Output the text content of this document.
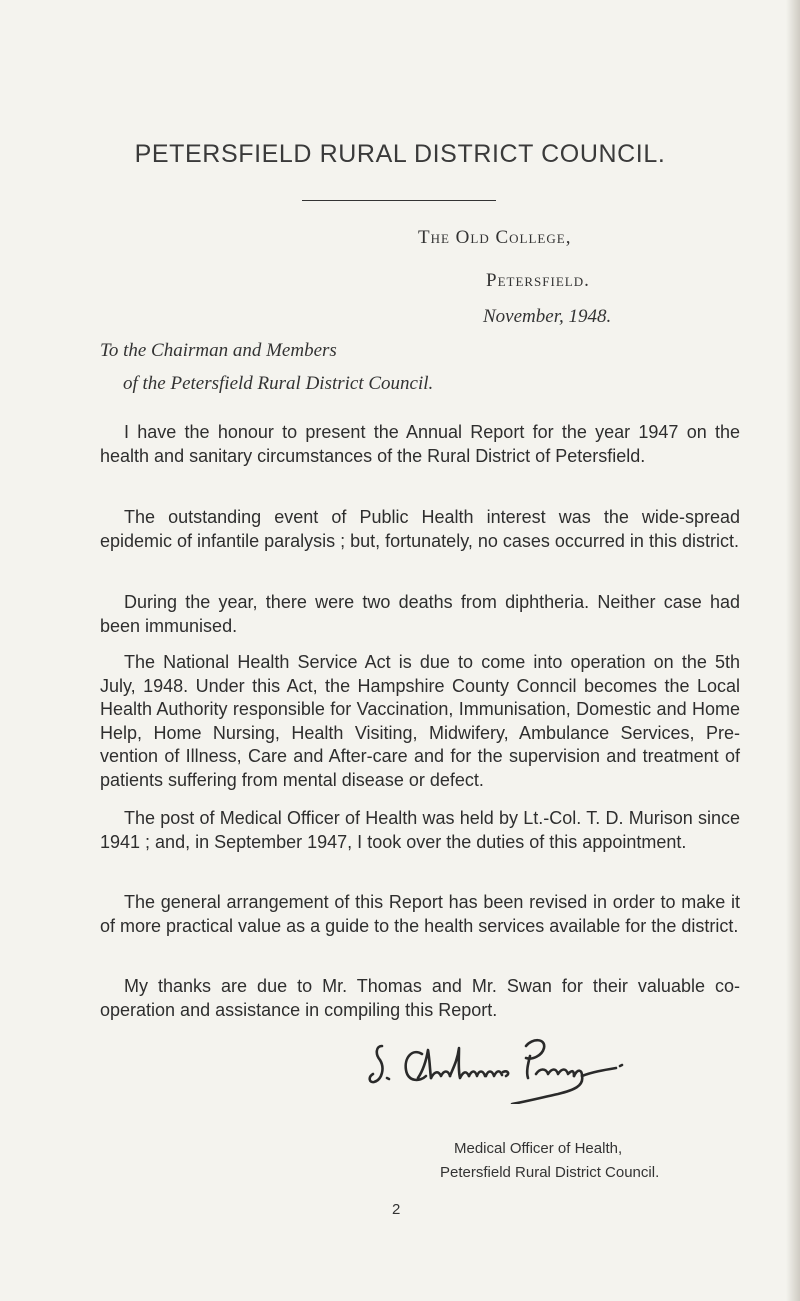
PETERSFIELD RURAL DISTRICT COUNCIL.
The Old College,
Petersfield.
November, 1948.
To the Chairman and Members
of the Petersfield Rural District Council.

I have the honour to present the Annual Report for the year 1947 on the health and sanitary circumstances of the Rural District of Petersfield.

The outstanding event of Public Health interest was the wide-spread epidemic of infantile paralysis ; but, fortunately, no cases occurred in this district.

During the year, there were two deaths from diphtheria. Neither case had been immunised.

The National Health Service Act is due to come into operation on the 5th July, 1948. Under this Act, the Hampshire County Conncil becomes the Local Health Authority responsible for Vaccination, Immunisation, Domestic and Home Help, Home Nursing, Health Visiting, Midwifery, Ambulance Services, Pre-vention of Illness, Care and After-care and for the supervision and treatment of patients suffering from mental disease or defect.

The post of Medical Officer of Health was held by Lt.-Col. T. D. Murison since 1941 ; and, in September 1947, I took over the duties of this appointment.

The general arrangement of this Report has been revised in order to make it of more practical value as a guide to the health services available for the district.

My thanks are due to Mr. Thomas and Mr. Swan for their valuable co-operation and assistance in compiling this Report.

Medical Officer of Health,
Petersfield Rural District Council.
2
